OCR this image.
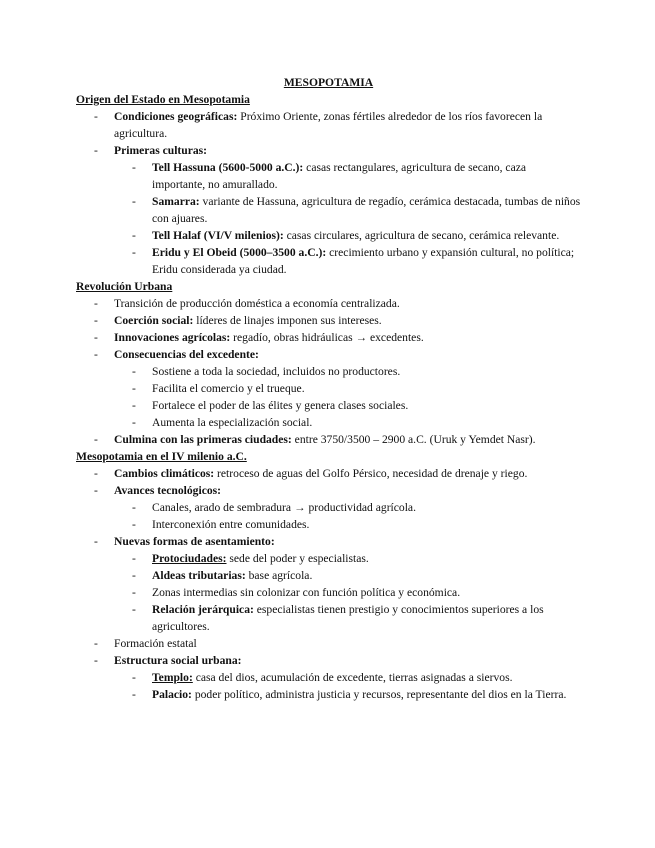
MESOPOTAMIA

Origen del Estado en Mesopotamia

- Condiciones geográficas: Próximo Oriente, zonas fértiles alrededor de los ríos favorecen la agricultura.
- Primeras culturas:
- Tell Hassuna (5600-5000 a.C.): casas rectangulares, agricultura de secano, caza importante, no amurallado.
- Samarra: variante de Hassuna, agricultura de regadío, cerámica destacada, tumbas de niños con ajuares.
- Tell Halaf (VI/V milenios): casas circulares, agricultura de secano, cerámica relevante.
- Eridu y El Obeid (5000–3500 a.C.): crecimiento urbano y expansión cultural, no política; Eridu considerada ya ciudad.

Revolución Urbana

- Transición de producción doméstica a economía centralizada.
- Coerción social: líderes de linajes imponen sus intereses.
- Innovaciones agrícolas: regadío, obras hidráulicas → excedentes.
- Consecuencias del excedente:
- Sostiene a toda la sociedad, incluidos no productores.
- Facilita el comercio y el trueque.
- Fortalece el poder de las élites y genera clases sociales.
- Aumenta la especialización social.
- Culmina con las primeras ciudades: entre 3750/3500 – 2900 a.C. (Uruk y Yemdet Nasr).

Mesopotamia en el IV milenio a.C.

- Cambios climáticos: retroceso de aguas del Golfo Pérsico, necesidad de drenaje y riego.
- Avances tecnológicos:
- Canales, arado de sembradura → productividad agrícola.
- Interconexión entre comunidades.
- Nuevas formas de asentamiento:
- Protociudades: sede del poder y especialistas.
- Aldeas tributarias: base agrícola.
- Zonas intermedias sin colonizar con función política y económica.
- Relación jerárquica: especialistas tienen prestigio y conocimientos superiores a los agricultores.
- Formación estatal
- Estructura social urbana:
- Templo: casa del dios, acumulación de excedente, tierras asignadas a siervos.
- Palacio: poder político, administra justicia y recursos, representante del dios en la Tierra.
